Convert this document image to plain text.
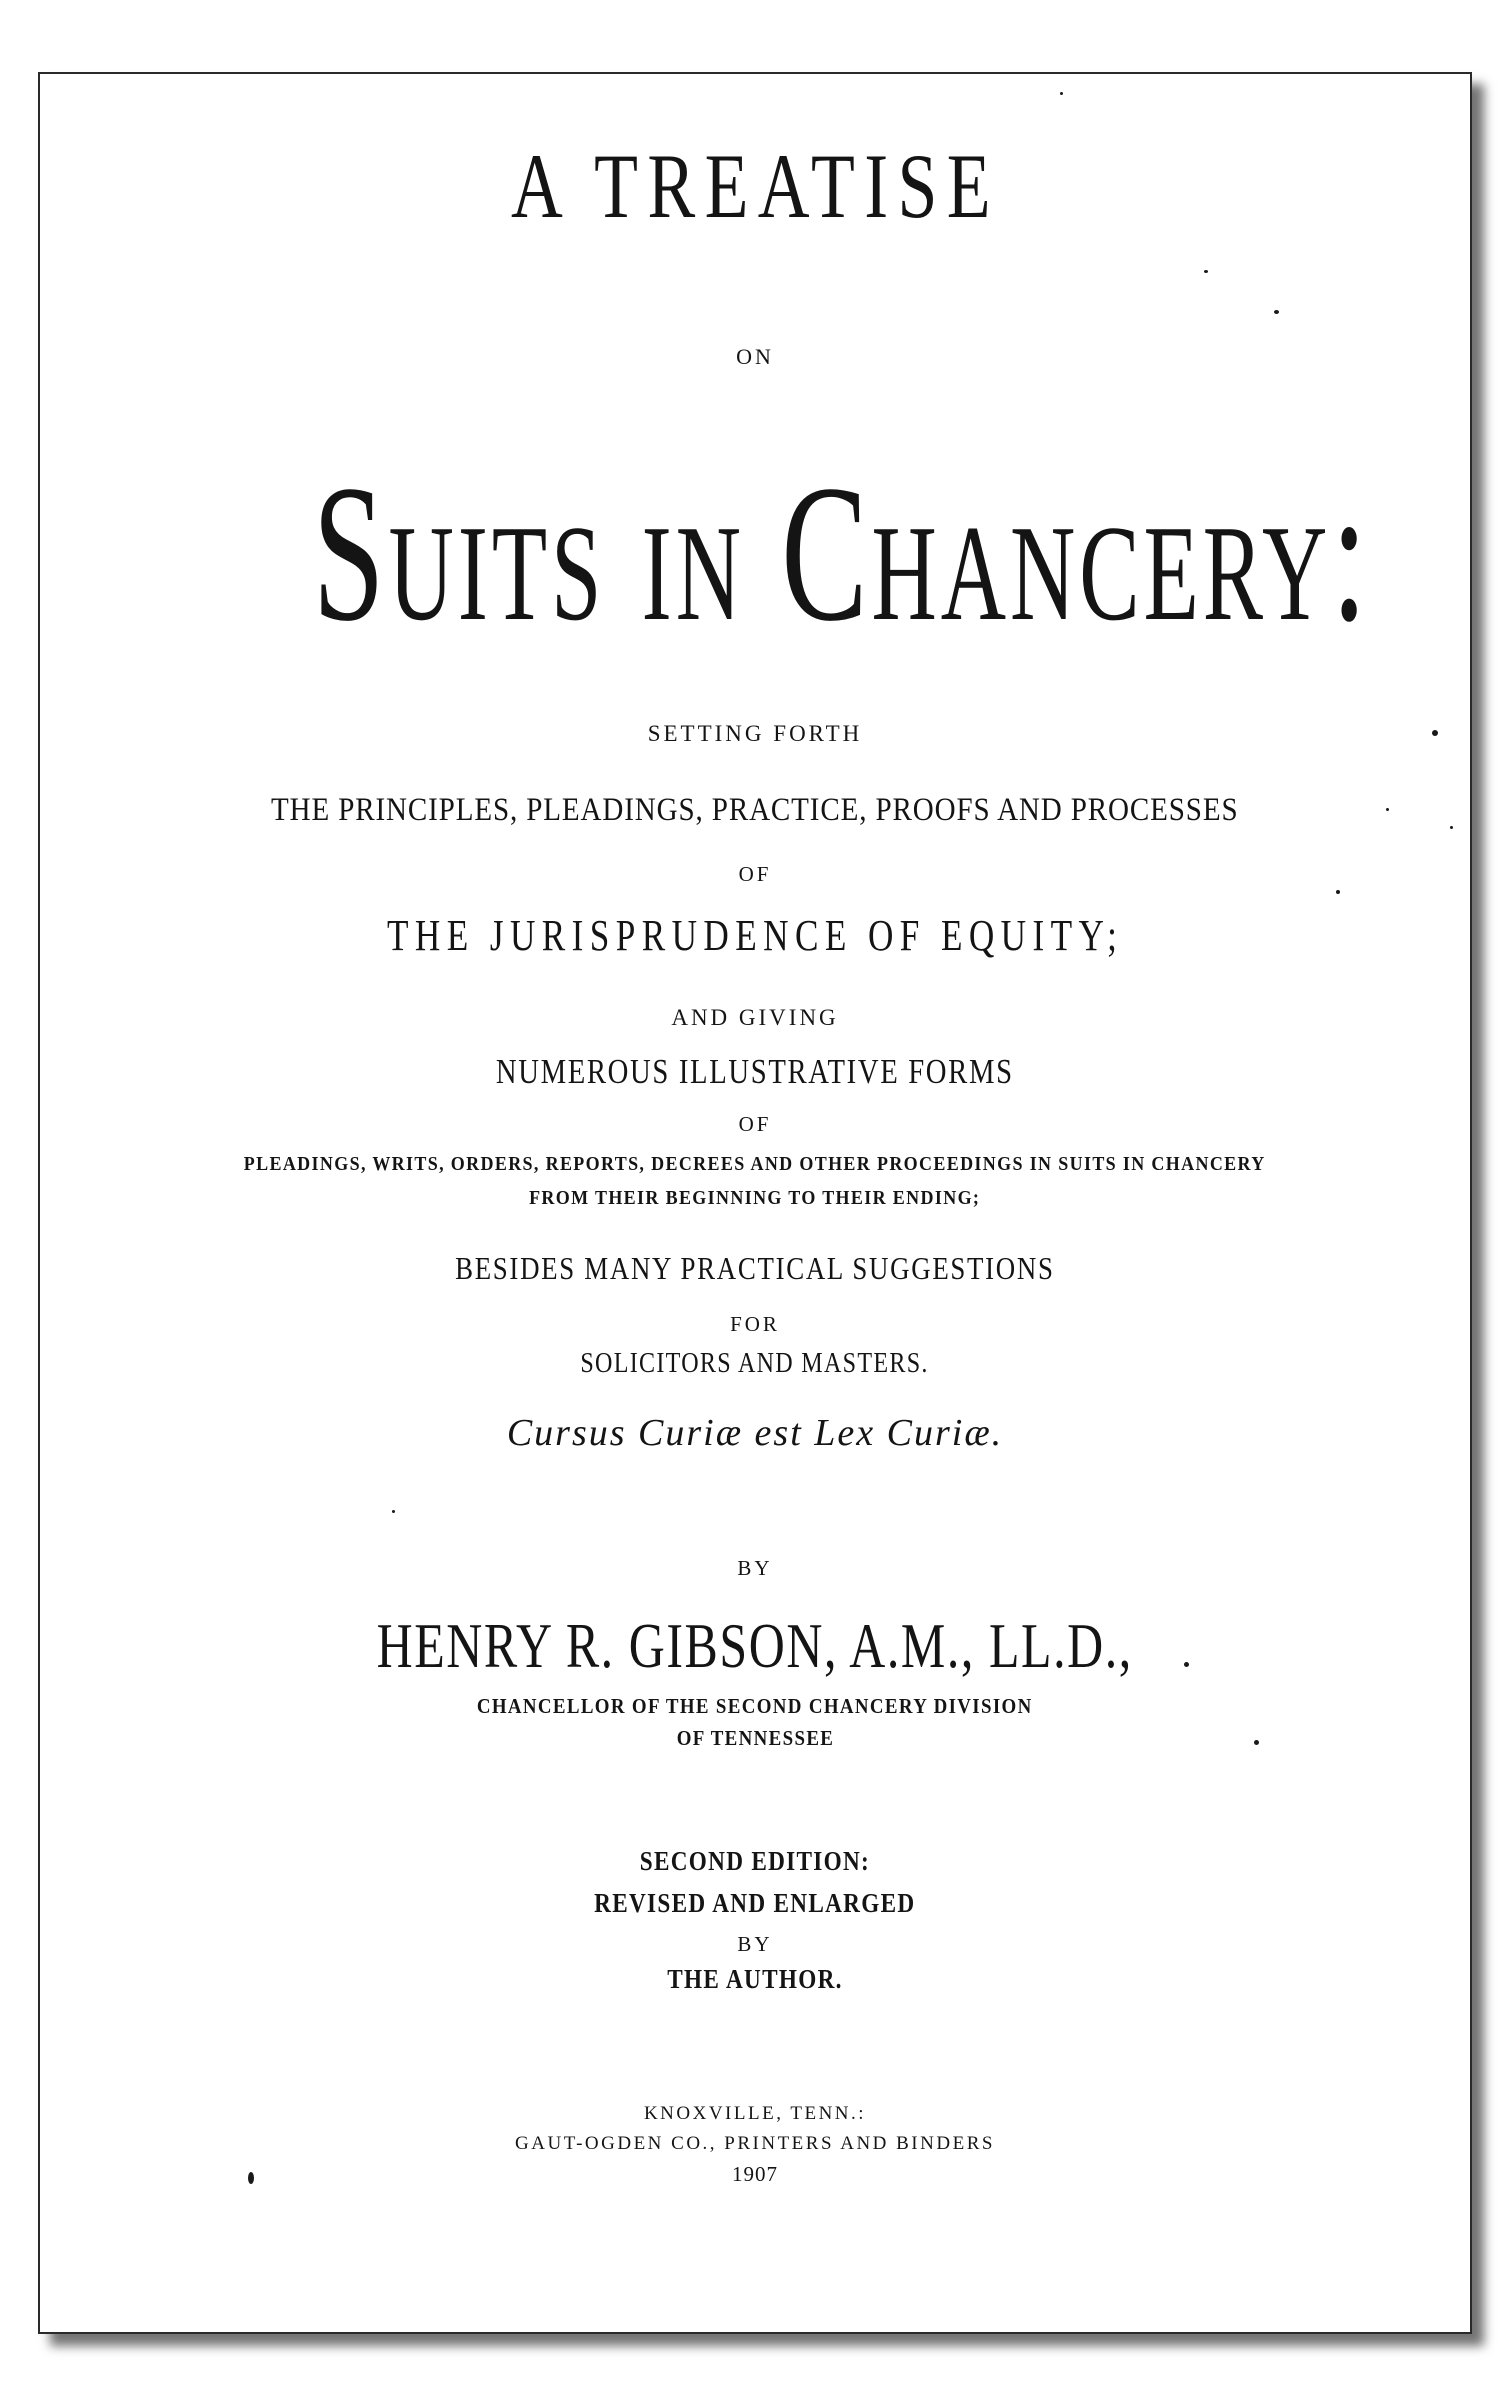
A TREATISE
ON
Suits in Chancery:
SETTING FORTH
THE PRINCIPLES, PLEADINGS, PRACTICE, PROOFS AND PROCESSES
OF
THE JURISPRUDENCE OF EQUITY;
AND GIVING
NUMEROUS ILLUSTRATIVE FORMS
OF
PLEADINGS, WRITS, ORDERS, REPORTS, DECREES AND OTHER PROCEEDINGS IN SUITS IN CHANCERY
FROM THEIR BEGINNING TO THEIR ENDING;
BESIDES MANY PRACTICAL SUGGESTIONS
FOR
SOLICITORS AND MASTERS.
Cursus Curiæ est Lex Curiæ.
BY
HENRY R. GIBSON, A.M., LL.D.,
CHANCELLOR OF THE SECOND CHANCERY DIVISION
OF TENNESSEE
SECOND EDITION:
REVISED AND ENLARGED
BY
THE AUTHOR.
KNOXVILLE, TENN.:
GAUT-OGDEN CO., PRINTERS AND BINDERS
1907
